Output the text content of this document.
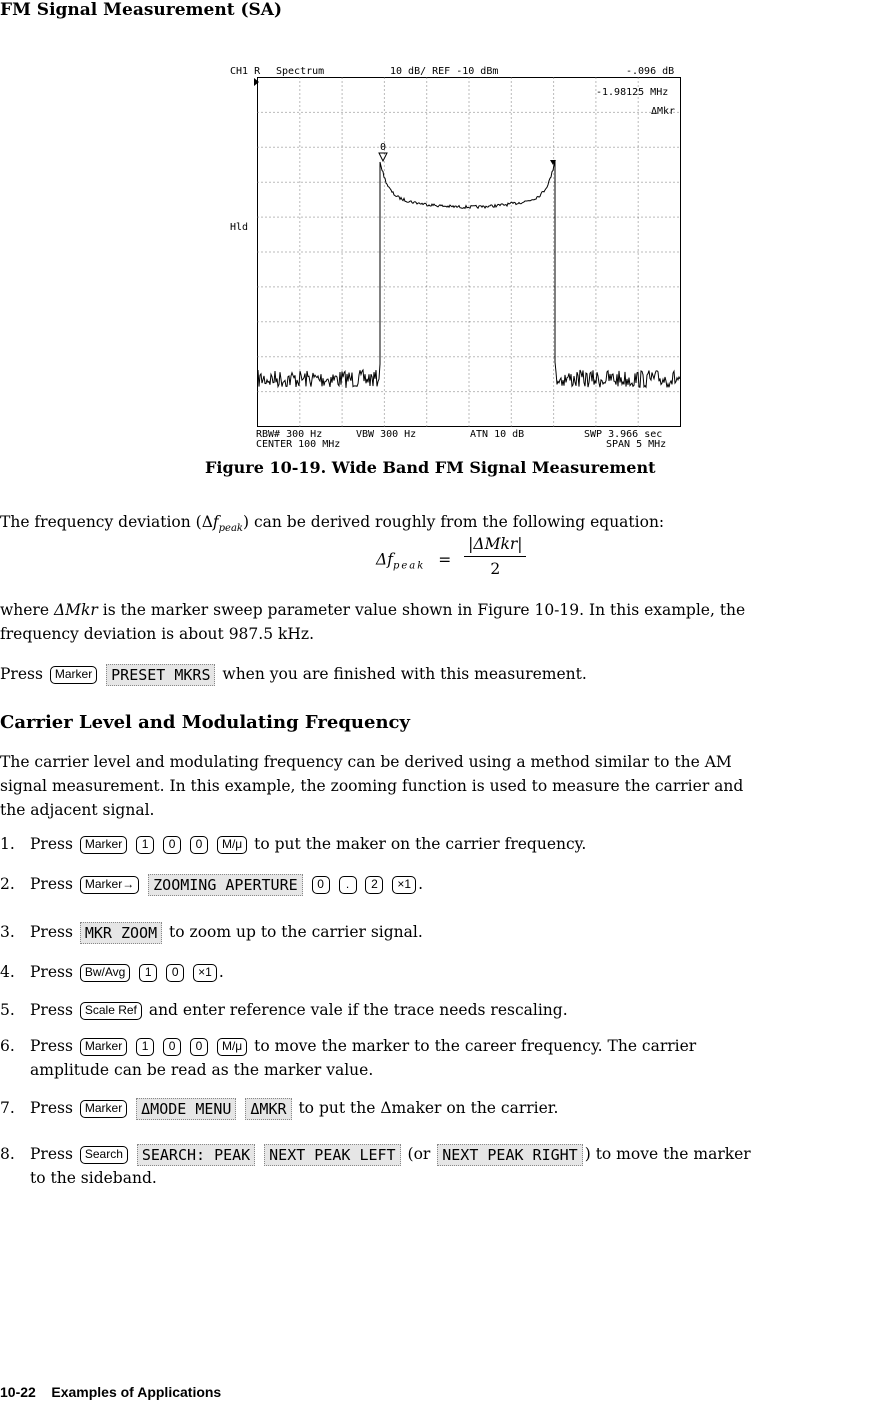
FM Signal Measurement (SA)
CH1 R Spectrum	10 dB/ REF -10 dBm	-.096 dB
-1.98125 MHz
ΔMkr
Hld
0
RBW# 300 Hz	VBW 300 Hz	ATN 10 dB	SWP 3.966 sec
CENTER 100 MHz	SPAN 5 MHz
Figure 10-19. Wide Band FM Signal Measurement
The frequency deviation $(\Delta f_{peak})$ can be derived roughly from the following equation:
$\Delta f_{peak} = \frac{\text{|ΔMkr|}}{2}$
where ΔMkr is the marker sweep parameter value shown in Figure 10-19. In this example, the
frequency deviation is about 987.5 kHz.
Press Marker PRESET MKRS when you are finished with this measurement.
Carrier Level and Modulating Frequency
The carrier level and modulating frequency can be derived using a method similar to the AM
signal measurement. In this example, the zooming function is used to measure the carrier and
the adjacent signal.
1. Press Marker 1 0 0 M/μ to put the maker on the carrier frequency.
2. Press Marker→ ZOOMING APERTURE 0 . 2 ×1 .
3. Press MKR ZOOM to zoom up to the carrier signal.
4. Press Bw/Avg 1 0 ×1 .
5. Press Scale Ref and enter reference vale if the trace needs rescaling.
6. Press Marker 1 0 0 M/μ to move the marker to the career frequency. The carrier
amplitude can be read as the marker value.
7. Press Marker ΔMODE MENU ΔMKR to put the Δmaker on the carrier.
8. Press Search SEARCH: PEAK NEXT PEAK LEFT (or NEXT PEAK RIGHT ) to move the marker
to the sideband.
10-22    Examples of Applications
